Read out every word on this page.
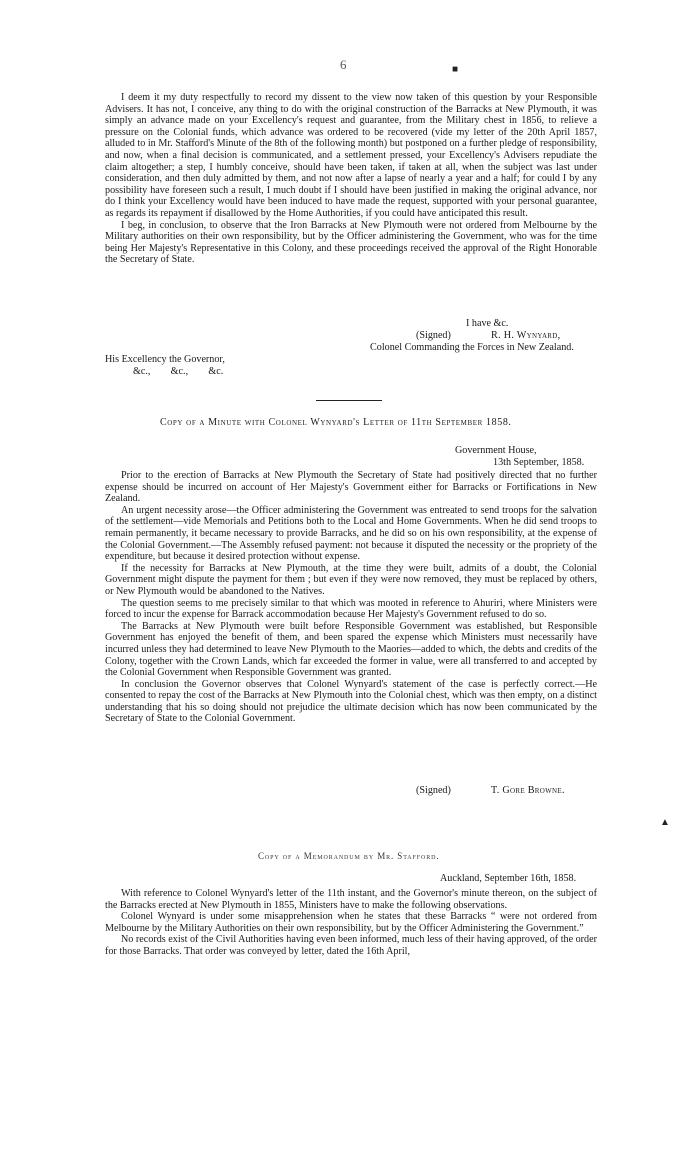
6	■

I deem it my duty respectfully to record my dissent to the view now taken of this question by your Responsible Advisers. It has not, I conceive, any thing to do with the original construction of the Barracks at New Plymouth, it was simply an advance made on your Excellency's request and guarantee, from the Military chest in 1856, to relieve a pressure on the Colonial funds, which advance was ordered to be recovered (vide my letter of the 20th April 1857, alluded to in Mr. Stafford's Minute of the 8th of the following month) but postponed on a further pledge of responsibility, and now, when a final decision is communicated, and a settlement pressed, your Excellency's Advisers repudiate the claim altogether; a step, I humbly conceive, should have been taken, if taken at all, when the subject was last under consideration, and then duly admitted by them, and not now after a lapse of nearly a year and a half; for could I by any possibility have foreseen such a result, I much doubt if I should have been justified in making the original advance, nor do I think your Excellency would have been induced to have made the request, supported with your personal guarantee, as regards its repayment if disallowed by the Home Authorities, if you could have anticipated this result.

I beg, in conclusion, to observe that the Iron Barracks at New Plymouth were not ordered from Melbourne by the Military authorities on their own responsibility, but by the Officer administering the Government, who was for the time being Her Majesty's Representative in this Colony, and these proceedings received the approval of the Right Honorable the Secretary of State.

I have &c.
(Signed)	R. H. Wynyard,
Colonel Commanding the Forces in New Zealand.
His Excellency the Governor,
&c.,        &c.,        &c.
Copy of a Minute with Colonel Wynyard's Letter of 11th September 1858.
Government House,
13th September, 1858.

Prior to the erection of Barracks at New Plymouth the Secretary of State had positively directed that no further expense should be incurred on account of Her Majesty's Government either for Barracks or Fortifications in New Zealand.

An urgent necessity arose—the Officer administering the Government was entreated to send troops for the salvation of the settlement—vide Memorials and Petitions both to the Local and Home Governments. When he did send troops to remain permanently, it became necessary to provide Barracks, and he did so on his own responsibility, at the expense of the Colonial Government.—The Assembly refused payment: not because it disputed the necessity or the propriety of the expenditure, but because it desired protection without expense.

If the necessity for Barracks at New Plymouth, at the time they were built, admits of a doubt, the Colonial Government might dispute the payment for them ; but even if they were now removed, they must be replaced by others, or New Plymouth would be abandoned to the Natives.

The question seems to me precisely similar to that which was mooted in reference to Ahuriri, where Ministers were forced to incur the expense for Barrack accommodation because Her Majesty's Government refused to do so.

The Barracks at New Plymouth were built before Responsible Government was established, but Responsible Government has enjoyed the benefit of them, and been spared the expense which Ministers must necessarily have incurred unless they had determined to leave New Plymouth to the Maories—added to which, the debts and credits of the Colony, together with the Crown Lands, which far exceeded the former in value, were all transferred to and accepted by the Colonial Government when Responsible Government was granted.

In conclusion the Governor observes that Colonel Wynyard's statement of the case is perfectly correct.—He consented to repay the cost of the Barracks at New Plymouth into the Colonial chest, which was then empty, on a distinct understanding that his so doing should not prejudice the ultimate decision which has now been communicated by the Secretary of State to the Colonial Government.

(Signed)	T. Gore Browne.
▲
Copy of a Memorandum by Mr. Stafford.
Auckland, September 16th, 1858.

With reference to Colonel Wynyard's letter of the 11th instant, and the Governor's minute thereon, on the subject of the Barracks erected at New Plymouth in 1855, Ministers have to make the following observations.

Colonel Wynyard is under some misapprehension when he states that these Barracks “ were not ordered from Melbourne by the Military Authorities on their own responsibility, but by the Officer Administering the Government.”

No records exist of the Civil Authorities having even been informed, much less of their having approved, of the order for those Barracks. That order was conveyed by letter, dated the 16th April,
